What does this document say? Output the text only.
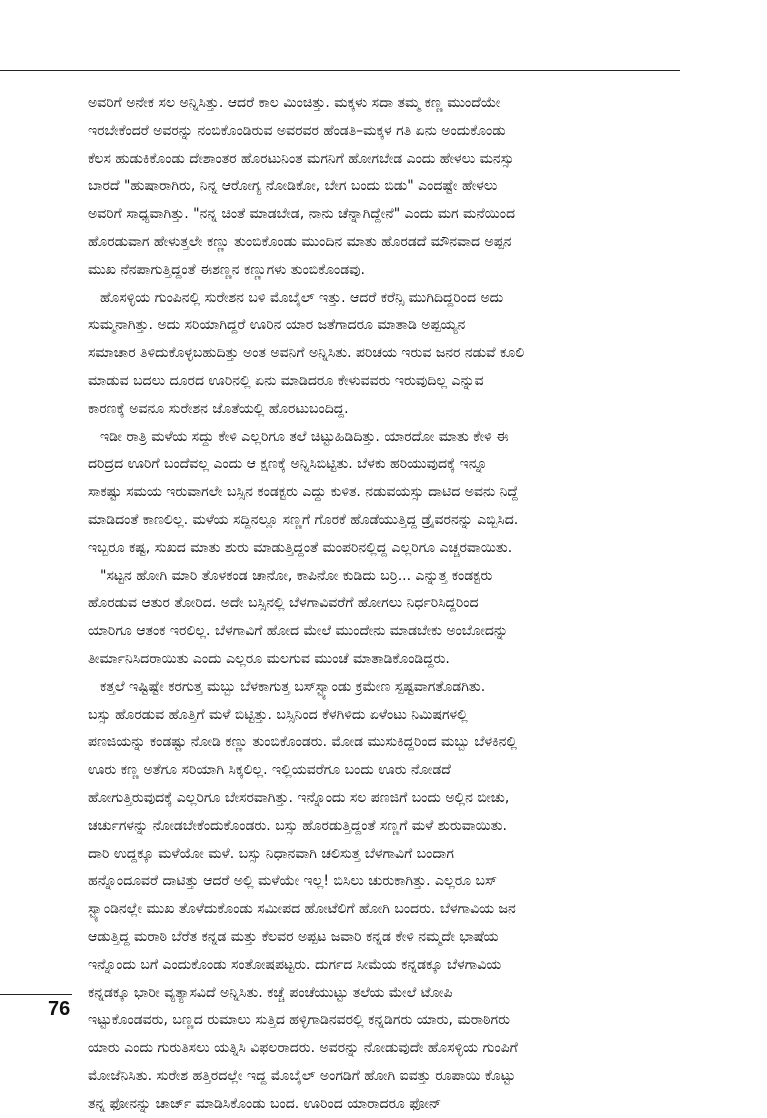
ಅವರಿಗೆ ಅನೇಕ ಸಲ ಅನ್ನಿಸಿತ್ತು. ಆದರೆ ಕಾಲ ಮಿಂಚಿತ್ತು. ಮಕ್ಕಳು ಸದಾ ತಮ್ಮ ಕಣ್ಣ ಮುಂದೆಯೇ
ಇರಬೇಕೆಂದರೆ ಅವರನ್ನು ನಂಬಿಕೊಂಡಿರುವ ಅವರವರ ಹೆಂಡತಿ–ಮಕ್ಕಳ ಗತಿ ಏನು ಅಂದುಕೊಂಡು
ಕೆಲಸ ಹುಡುಕಿಕೊಂಡು ದೇಶಾಂತರ ಹೊರಟುನಿಂತ ಮಗನಿಗೆ ಹೋಗಬೇಡ ಎಂದು ಹೇಳಲು ಮನಸ್ಸು
ಬಾರದೆ "ಹುಷಾರಾಗಿರು, ನಿನ್ನ ಆರೋಗ್ಯ ನೋಡಿಕೋ, ಬೇಗ ಬಂದು ಬಿಡು" ಎಂದಷ್ಟೇ ಹೇಳಲು
ಅವರಿಗೆ ಸಾಧ್ಯವಾಗಿತ್ತು. "ನನ್ನ ಚಿಂತೆ ಮಾಡಬೇಡ, ನಾನು ಚೆನ್ನಾಗಿದ್ದೇನೆ" ಎಂದು ಮಗ ಮನೆಯಿಂದ
ಹೊರಡುವಾಗ ಹೇಳುತ್ತಲೇ ಕಣ್ಣು ತುಂಬಿಕೊಂಡು ಮುಂದಿನ ಮಾತು ಹೊರಡದೆ ಮೌನವಾದ ಅಪ್ಪನ
ಮುಖ ನೆನಪಾಗುತ್ತಿದ್ದಂತೆ ಈಶಣ್ಣನ ಕಣ್ಣುಗಳು ತುಂಬಿಕೊಂಡವು.
ಹೊಸಳ್ಳಿಯ ಗುಂಪಿನಲ್ಲಿ ಸುರೇಶನ ಬಳಿ ಮೊಬೈಲ್ ಇತ್ತು. ಆದರೆ ಕರೆನ್ಸಿ ಮುಗಿದಿದ್ದರಿಂದ ಅದು
ಸುಮ್ಮನಾಗಿತ್ತು. ಅದು ಸರಿಯಾಗಿದ್ದರೆ ಊರಿನ ಯಾರ ಜತೆಗಾದರೂ ಮಾತಾಡಿ ಅಪ್ಪಯ್ಯನ
ಸಮಾಚಾರ ತಿಳಿದುಕೊಳ್ಳಬಹುದಿತ್ತು ಅಂತ ಅವನಿಗೆ ಅನ್ನಿಸಿತು. ಪರಿಚಯ ಇರುವ ಜನರ ನಡುವೆ ಕೂಲಿ
ಮಾಡುವ ಬದಲು ದೂರದ ಊರಿನಲ್ಲಿ ಏನು ಮಾಡಿದರೂ ಕೇಳುವವರು ಇರುವುದಿಲ್ಲ ಎನ್ನುವ
ಕಾರಣಕ್ಕೆ ಅವನೂ ಸುರೇಶನ ಜೊತೆಯಲ್ಲಿ ಹೊರಟುಬಂದಿದ್ದ.
ಇಡೀ ರಾತ್ರಿ ಮಳೆಯ ಸದ್ದು ಕೇಳಿ ಎಲ್ಲರಿಗೂ ತಲೆ ಚಿಟ್ಟುಹಿಡಿದಿತ್ತು. ಯಾರದೋ ಮಾತು ಕೇಳಿ ಈ
ದರಿದ್ರದ ಊರಿಗೆ ಬಂದೆವಲ್ಲ ಎಂದು ಆ ಕ್ಷಣಕ್ಕೆ ಅನ್ನಿಸಿಬಿಟ್ಟಿತು. ಬೆಳಕು ಹರಿಯುವುದಕ್ಕೆ ಇನ್ನೂ
ಸಾಕಷ್ಟು ಸಮಯ ಇರುವಾಗಲೇ ಬಸ್ಸಿನ ಕಂಡಕ್ಟರು ಎದ್ದು ಕುಳಿತ. ನಡುವಯಸ್ಸು ದಾಟಿದ ಅವನು ನಿದ್ದೆ
ಮಾಡಿದಂತೆ ಕಾಣಲಿಲ್ಲ. ಮಳೆಯ ಸದ್ದಿನಲ್ಲೂ ಸಣ್ಣಗೆ ಗೊರಕೆ ಹೊಡೆಯುತ್ತಿದ್ದ ಡ್ರೈವರನನ್ನು ಎಬ್ಬಿಸಿದ.
ಇಬ್ಬರೂ ಕಷ್ಟ, ಸುಖದ ಮಾತು ಶುರು ಮಾಡುತ್ತಿದ್ದಂತೆ ಮಂಪರಿನಲ್ಲಿದ್ದ ಎಲ್ಲರಿಗೂ ಎಚ್ಚರವಾಯಿತು.
"ಸಟ್ಟನ ಹೋಗಿ ಮಾರಿ ತೊಳಕಂಡ ಚಾನೋ, ಕಾಪಿನೋ ಕುಡಿದು ಬರ್ರಿ... ಎನ್ನುತ್ತ ಕಂಡಕ್ಟರು
ಹೊರಡುವ ಆತುರ ತೋರಿದ. ಅದೇ ಬಸ್ಸಿನಲ್ಲಿ ಬೆಳಗಾವಿವರೆಗೆ ಹೋಗಲು ನಿರ್ಧರಿಸಿದ್ದರಿಂದ
ಯಾರಿಗೂ ಆತಂಕ ಇರಲಿಲ್ಲ. ಬೆಳಗಾವಿಗೆ ಹೋದ ಮೇಲೆ ಮುಂದೇನು ಮಾಡಬೇಕು ಅಂಬೋದನ್ನು
ತೀರ್ಮಾನಿಸಿದರಾಯಿತು ಎಂದು ಎಲ್ಲರೂ ಮಲಗುವ ಮುಂಚೆ ಮಾತಾಡಿಕೊಂಡಿದ್ದರು.
ಕತ್ತಲೆ ಇಷ್ಟಿಷ್ಟೇ ಕರಗುತ್ತ ಮಬ್ಬು ಬೆಳಕಾಗುತ್ತ ಬಸ್‌ಸ್ಟ್ಯಾಂಡು ಕ್ರಮೇಣ ಸ್ಪಷ್ಟವಾಗತೊಡಗಿತು.
ಬಸ್ಸು ಹೊರಡುವ ಹೊತ್ತಿಗೆ ಮಳೆ ಬಿಟ್ಟಿತ್ತು. ಬಸ್ಸಿನಿಂದ ಕೆಳಗಿಳಿದು ಏಳೆಂಟು ನಿಮಿಷಗಳಲ್ಲಿ
ಪಣಜಿಯನ್ನು ಕಂಡಷ್ಟು ನೋಡಿ ಕಣ್ಣು ತುಂಬಿಕೊಂಡರು. ಮೋಡ ಮುಸುಕಿದ್ದರಿಂದ ಮಬ್ಬು ಬೆಳಕಿನಲ್ಲಿ
ಊರು ಕಣ್ಣ ಅತೆಗೂ ಸರಿಯಾಗಿ ಸಿಕ್ಕಲಿಲ್ಲ. ಇಲ್ಲಿಯವರೆಗೂ ಬಂದು ಊರು ನೋಡದೆ
ಹೋಗುತ್ತಿರುವುದಕ್ಕೆ ಎಲ್ಲರಿಗೂ ಬೇಸರವಾಗಿತ್ತು. ಇನ್ನೊಂದು ಸಲ ಪಣಜಿಗೆ ಬಂದು ಅಲ್ಲಿನ ಬೀಚು,
ಚರ್ಚುಗಳನ್ನು ನೋಡಬೇಕೆಂದುಕೊಂಡರು. ಬಸ್ಸು ಹೊರಡುತ್ತಿದ್ದಂತೆ ಸಣ್ಣಗೆ ಮಳೆ ಶುರುವಾಯಿತು.
ದಾರಿ ಉದ್ದಕ್ಕೂ ಮಳೆಯೋ ಮಳೆ. ಬಸ್ಸು ನಿಧಾನವಾಗಿ ಚಲಿಸುತ್ತ ಬೆಳಗಾವಿಗೆ ಬಂದಾಗ
ಹನ್ನೊಂದೂವರೆ ದಾಟಿತ್ತು ಆದರೆ ಅಲ್ಲಿ ಮಳೆಯೇ ಇಲ್ಲ! ಬಿಸಿಲು ಚುರುಕಾಗಿತ್ತು. ಎಲ್ಲರೂ ಬಸ್
ಸ್ಟ್ಯಾಂಡಿನಲ್ಲೇ ಮುಖ ತೊಳೆದುಕೊಂಡು ಸಮೀಪದ ಹೋಟೆಲಿಗೆ ಹೋಗಿ ಬಂದರು. ಬೆಳಗಾವಿಯ ಜನ
ಆಡುತ್ತಿದ್ದ ಮರಾಠಿ ಬೆರೆತ ಕನ್ನಡ ಮತ್ತು ಕೆಲವರ ಅಪ್ಪಟ ಜವಾರಿ ಕನ್ನಡ ಕೇಳಿ ನಮ್ಮದೇ ಭಾಷೆಯ
ಇನ್ನೊಂದು ಬಗೆ ಎಂದುಕೊಂಡು ಸಂತೋಷಪಟ್ಟರು. ದುರ್ಗದ ಸೀಮೆಯ ಕನ್ನಡಕ್ಕೂ ಬೆಳಗಾವಿಯ
ಕನ್ನಡಕ್ಕೂ ಭಾರೀ ವ್ಯತ್ಯಾಸವಿದೆ ಅನ್ನಿಸಿತು. ಕಚ್ಚೆ ಪಂಚೆಯುಟ್ಟು ತಲೆಯ ಮೇಲೆ ಟೋಪಿ
ಇಟ್ಟುಕೊಂಡವರು, ಬಣ್ಣದ ರುಮಾಲು ಸುತ್ತಿದ ಹಳ್ಳಿಗಾಡಿನವರಲ್ಲಿ ಕನ್ನಡಿಗರು ಯಾರು, ಮರಾಠಿಗರು
ಯಾರು ಎಂದು ಗುರುತಿಸಲು ಯತ್ನಿಸಿ ವಿಫಲರಾದರು. ಅವರನ್ನು ನೋಡುವುದೇ ಹೊಸಳ್ಳಿಯ ಗುಂಪಿಗೆ
ಮೋಜೆನಿಸಿತು. ಸುರೇಶ ಹತ್ತಿರದಲ್ಲೇ ಇದ್ದ ಮೊಬೈಲ್ ಅಂಗಡಿಗೆ ಹೋಗಿ ಐವತ್ತು ರೂಪಾಯಿ ಕೊಟ್ಟು
ತನ್ನ ಫೋನನ್ನು ಚಾರ್ಜ್ ಮಾಡಿಸಿಕೊಂಡು ಬಂದ. ಊರಿಂದ ಯಾರಾದರೂ ಫೋನ್
76
